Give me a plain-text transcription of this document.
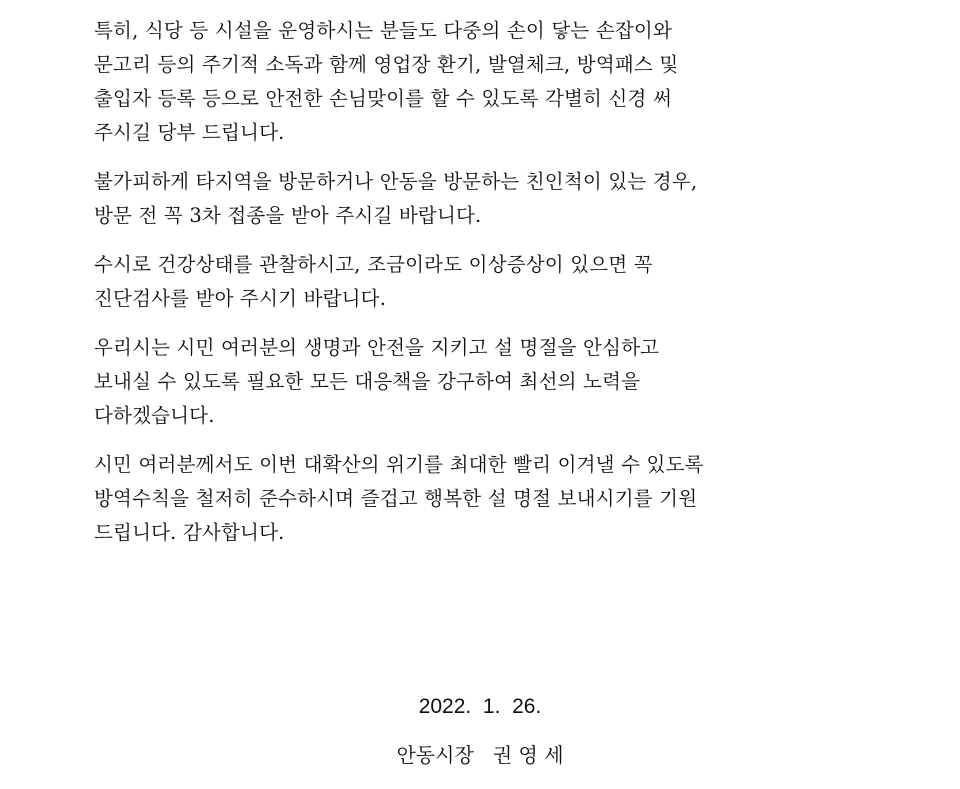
특히, 식당 등 시설을 운영하시는 분들도 다중의 손이 닿는 손잡이와
문고리 등의 주기적 소독과 함께 영업장 환기, 발열체크, 방역패스 및
출입자 등록 등으로 안전한 손님맞이를 할 수 있도록 각별히 신경 써
주시길 당부 드립니다.
불가피하게 타지역을 방문하거나 안동을 방문하는 친인척이 있는 경우,
방문 전 꼭 3차 접종을 받아 주시길 바랍니다.
수시로 건강상태를 관찰하시고, 조금이라도 이상증상이 있으면 꼭
진단검사를 받아 주시기 바랍니다.
우리시는 시민 여러분의 생명과 안전을 지키고 설 명절을 안심하고
보내실 수 있도록 필요한 모든 대응책을 강구하여 최선의 노력을
다하겠습니다.
시민 여러분께서도 이번 대확산의 위기를 최대한 빨리 이겨낼 수 있도록
방역수칙을 철저히 준수하시며 즐겁고 행복한 설 명절 보내시기를 기원
드립니다. 감사합니다.
2022.  1.  26.
안동시장   권 영 세
